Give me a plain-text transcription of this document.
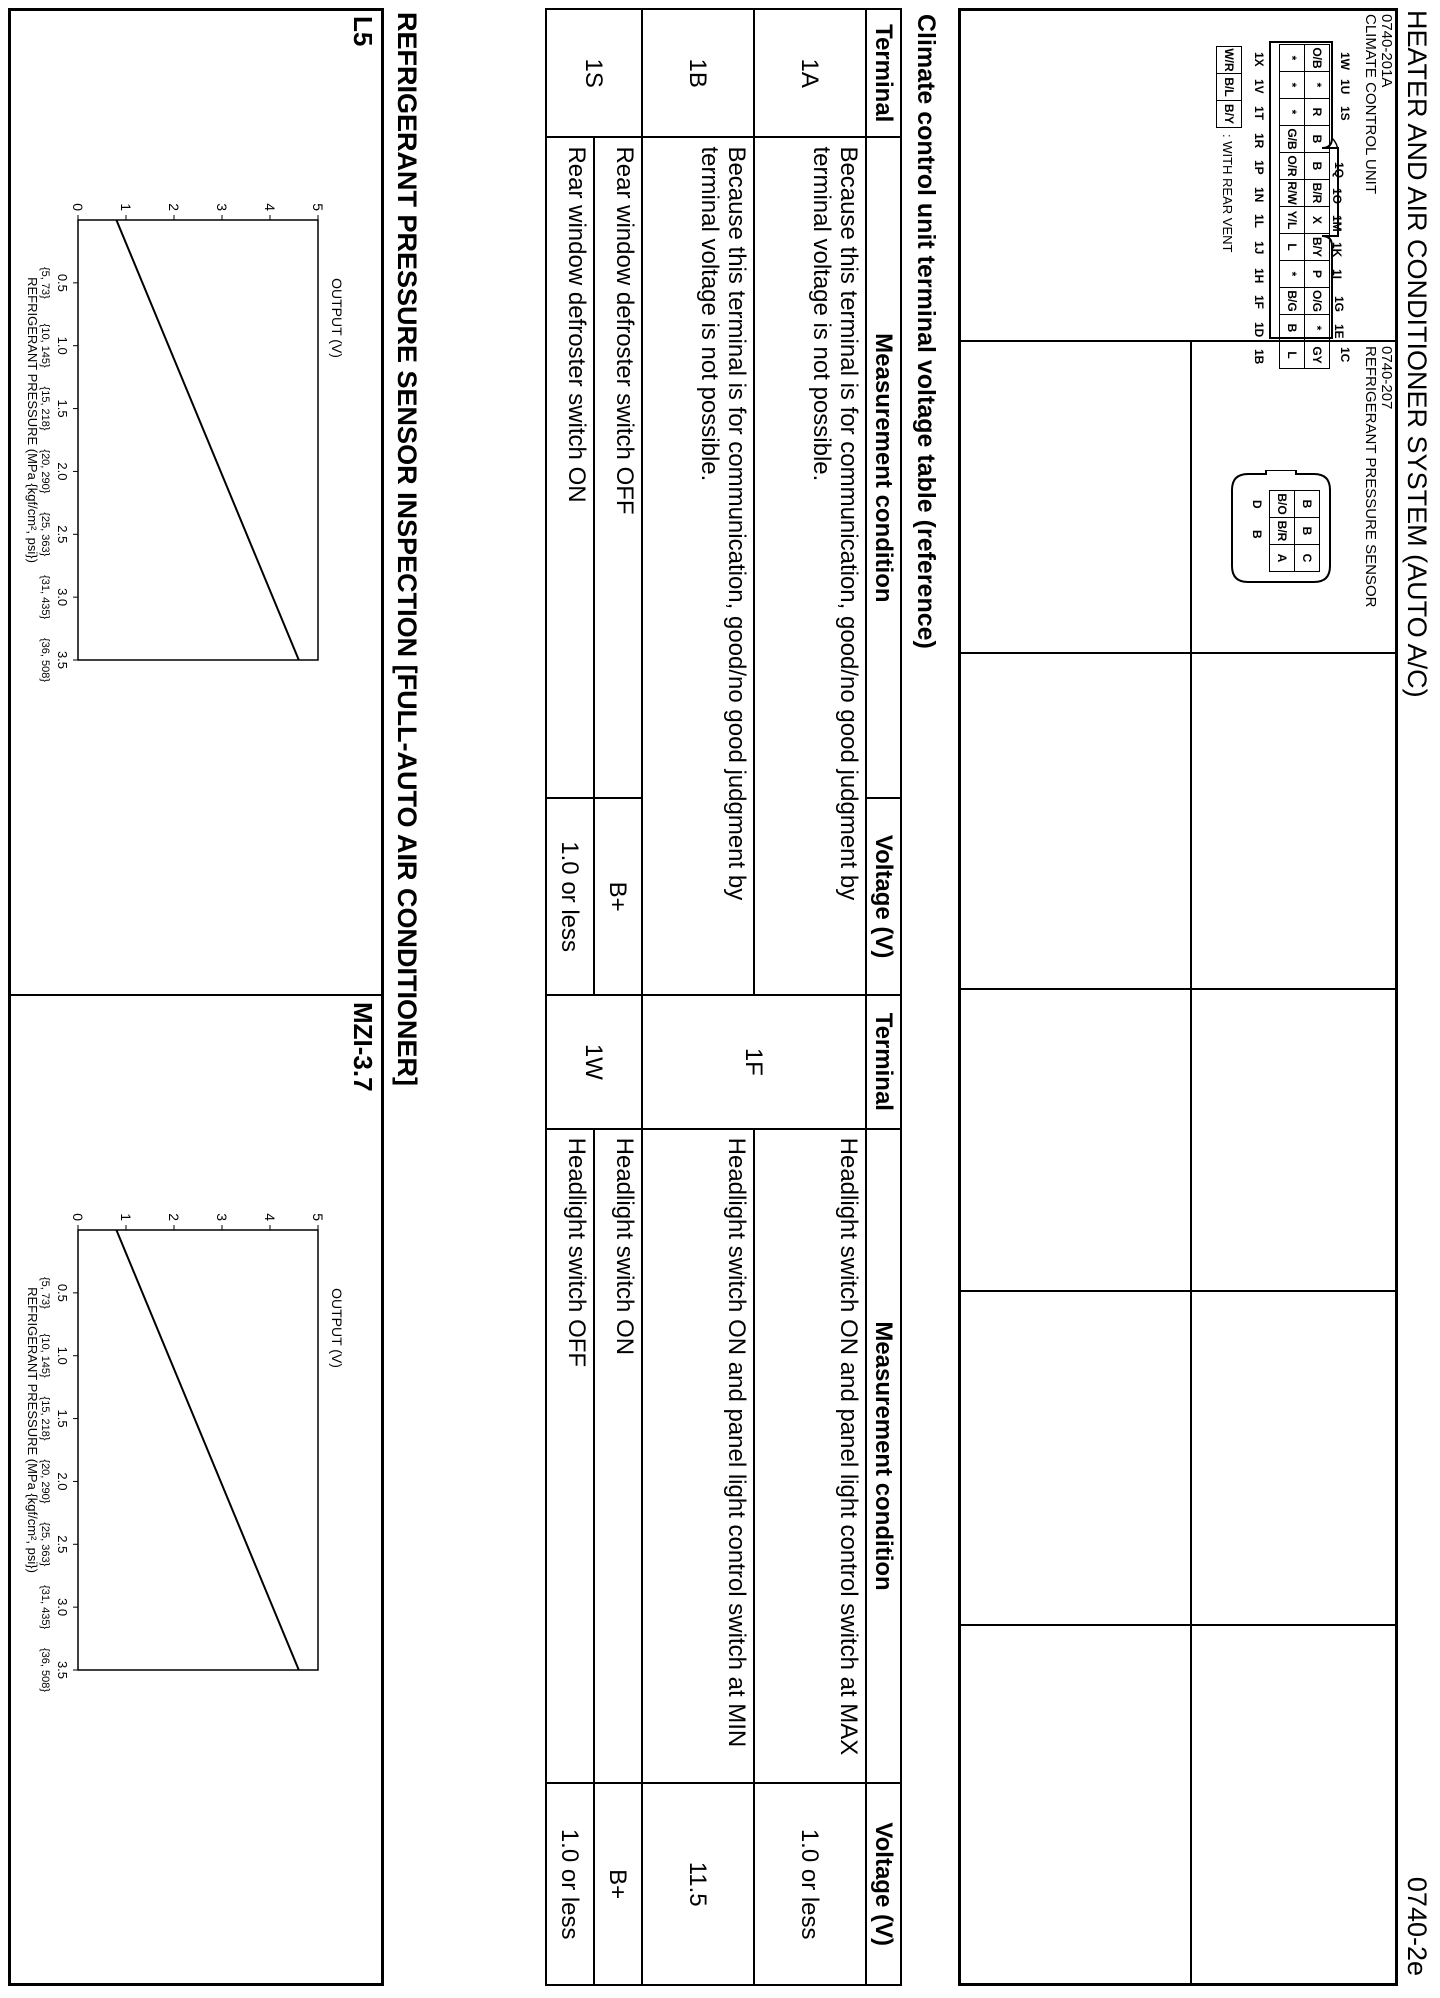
HEATER AND AIR CONDITIONER SYSTEM (AUTO A/C)
0740-2e
0740-201A
CLIMATE CONTROL UNIT
1W
1U
1S
1Q
1O
1M
1K
1I
1G
1E
1C
O/B	*	R	B	B	B/R	X	B/Y	P	O/G	*	GY
*	*	*	G/B	O/R	R/W	Y/L	L	*	B/G	B	L
1X
1V
1T
1R
1P
1N
1L
1J
1H
1F
1D
1B
W/R	B/L	B/Y
: WITH REAR VENT
0740-207
REFRIGERANT PRESSURE SENSOR
B	B	C
B/O	B/R	A
D
B
Climate control unit terminal voltage table (reference)
Terminal	Measurement condition	Voltage (V)
1A	Because this terminal is for communication, good/no good judgment by terminal voltage is not possible.	
1B	Because this terminal is for communication, good/no good judgment by terminal voltage is not possible.	
1S	Rear window defroster switch OFF	B+
	Rear window defroster switch ON	1.0 or less
Terminal	Measurement condition	Voltage (V)
1F	Headlight switch ON and panel light control switch at MAX	1.0 or less
	Headlight switch ON and panel light control switch at MIN	11.5
1W	Headlight switch ON	B+
	Headlight switch OFF	1.0 or less
REFRIGERANT PRESSURE SENSOR INSPECTION [FULL-AUTO AIR CONDITIONER]
L5
MZI-3.7
OUTPUT (V)
REFRIGERANT PRESSURE (MPa {kgf/cm², psi})
0 1 2 3 4 5
0.5
{5, 73}
1.0
{10, 145}
1.5
{15, 218}
2.0
{20, 290}
2.5
{25, 363}
3.0
{31, 435}
3.5
{36, 508}
OUTPUT (V)
REFRIGERANT PRESSURE (MPa {kgf/cm², psi})
0 1 2 3 4 5
0.5
{5, 73}
1.0
{10, 145}
1.5
{15, 218}
2.0
{20, 290}
2.5
{25, 363}
3.0
{31, 435}
3.5
{36, 508}
